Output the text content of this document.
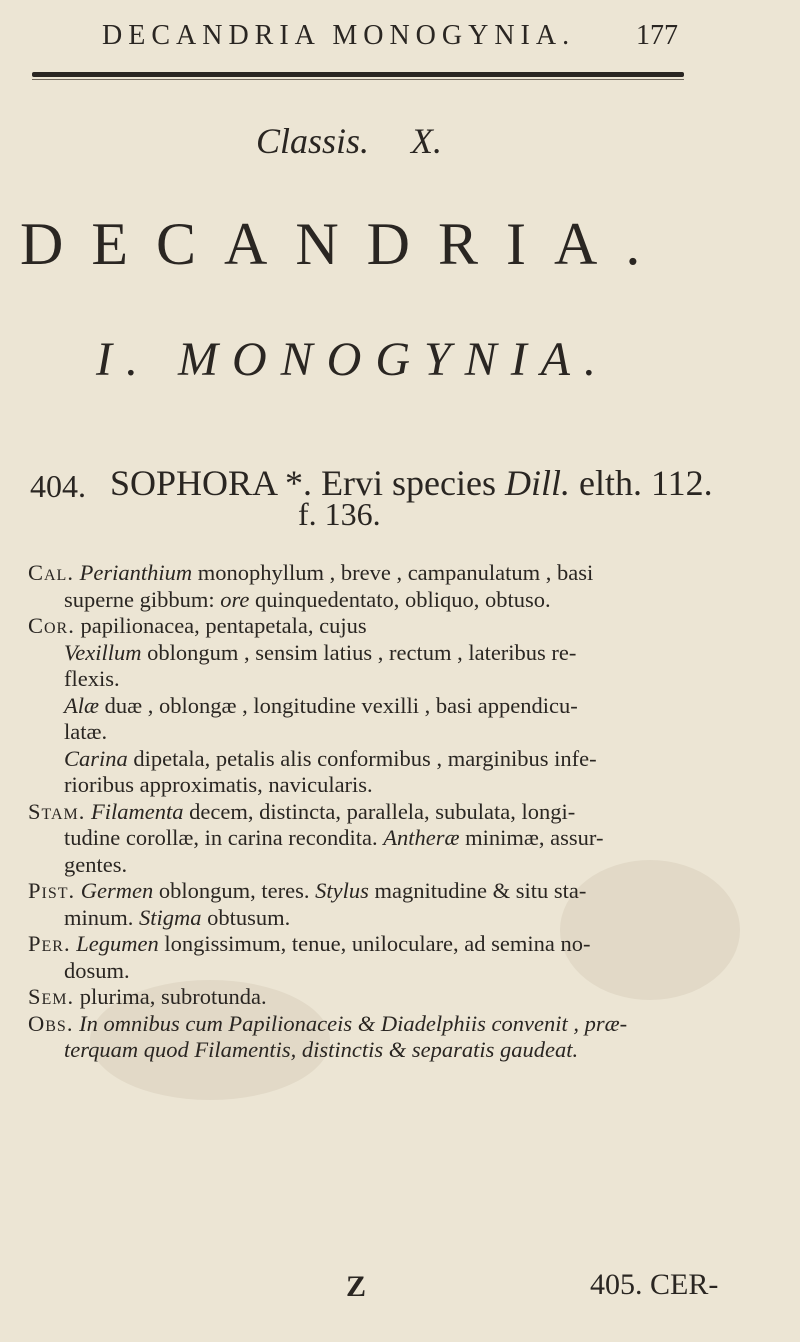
DECANDRIA MONOGYNIA. 177
Classis. X.
DECANDRIA.
I. MONOGYNIA.
404. SOPHORA *. Ervi species Dill. elth. 112.
f. 136.
Cal. Perianthium monophyllum , breve , campanulatum , basi
superne gibbum: ore quinquedentato, obliquo, obtuso.
Cor. papilionacea, pentapetala, cujus
Vexillum oblongum , sensim latius , rectum , lateribus re-
flexis.
Alæ duæ , oblongæ , longitudine vexilli , basi appendicu-
latæ.
Carina dipetala, petalis alis conformibus , marginibus infe-
rioribus approximatis, navicularis.
Stam. Filamenta decem, distincta, parallela, subulata, longi-
tudine corollæ, in carina recondita. Antheræ minimæ, assur-
gentes.
Pist. Germen oblongum, teres. Stylus magnitudine & situ sta-
minum. Stigma obtusum.
Per. Legumen longissimum, tenue, uniloculare, ad semina no-
dosum.
Sem. plurima, subrotunda.
Obs. In omnibus cum Papilionaceis & Diadelphiis convenit , præ-
terquam quod Filamentis, distinctis & separatis gaudeat.
Z	405. CER-
